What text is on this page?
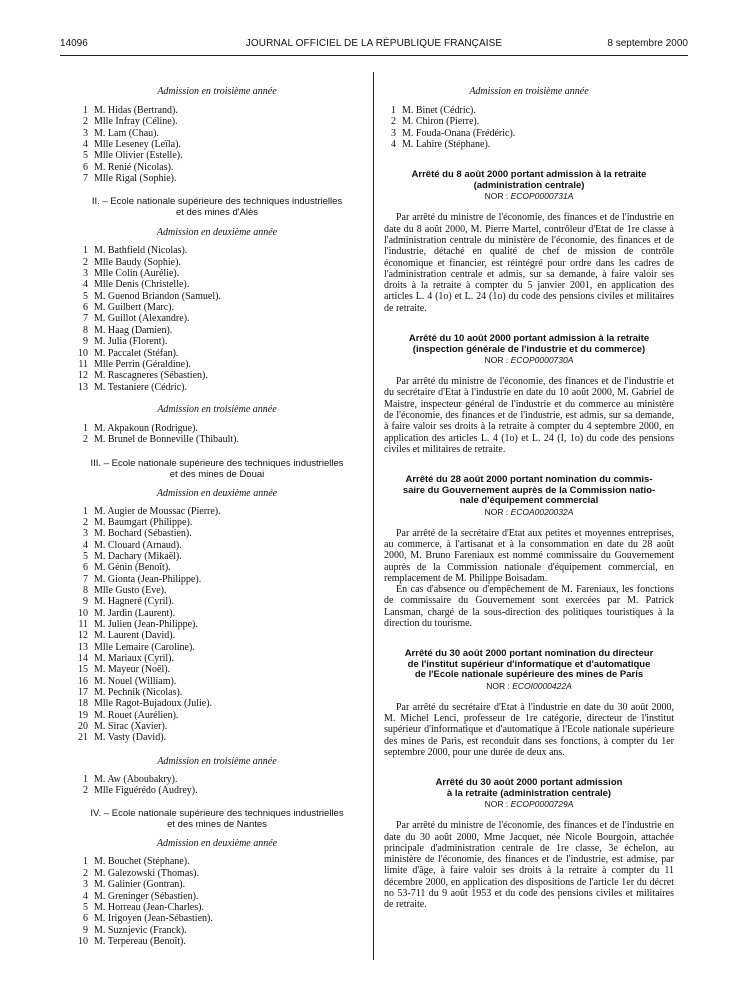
14096	JOURNAL OFFICIEL DE LA RÉPUBLIQUE FRANÇAISE	8 septembre 2000

Admission en troisième année

1 M. Hidas (Bertrand).
2 Mlle Infray (Céline).
3 M. Lam (Chau).
4 Mlle Leseney (Leïla).
5 Mlle Olivier (Estelle).
6 M. Renié (Nicolas).
7 Mlle Rigal (Sophie).

II. – Ecole nationale supérieure des techniques industrielles
et des mines d'Alès

Admission en deuxième année

1 M. Bathfield (Nicolas).
2 Mlle Baudy (Sophie).
3 Mlle Colin (Aurélie).
4 Mlle Denis (Christelle).
5 M. Guenod Briandon (Samuel).
6 M. Guilbert (Marc).
7 M. Guillot (Alexandre).
8 M. Haag (Damien).
9 M. Julia (Florent).
10 M. Paccalet (Stéfan).
11 Mlle Perrin (Géraldine).
12 M. Rascagneres (Sébastien).
13 M. Testaniere (Cédric).

Admission en troisième année

1 M. Akpakoun (Rodrigue).
2 M. Brunel de Bonneville (Thibault).

III. – Ecole nationale supérieure des techniques industrielles
et des mines de Douai

Admission en deuxième année

1 M. Augier de Moussac (Pierre).
2 M. Baumgart (Philippe).
3 M. Bochard (Sébastien).
4 M. Clouard (Arnaud).
5 M. Dachary (Mikaël).
6 M. Génin (Benoît).
7 M. Gionta (Jean-Philippe).
8 Mlle Gusto (Eve).
9 M. Hagneré (Cyril).
10 M. Jardin (Laurent).
11 M. Julien (Jean-Philippe).
12 M. Laurent (David).
13 Mlle Lemaire (Caroline).
14 M. Mariaux (Cyril).
15 M. Mayeur (Noël).
16 M. Nouel (William).
17 M. Pechnik (Nicolas).
18 Mlle Ragot-Bujadoux (Julie).
19 M. Rouet (Aurélien).
20 M. Sirac (Xavier).
21 M. Vasty (David).

Admission en troisième année

1 M. Aw (Aboubakry).
2 Mlle Figuérédo (Audrey).

IV. – Ecole nationale supérieure des techniques industrielles
et des mines de Nantes

Admission en deuxième année

1 M. Bouchet (Stéphane).
2 M. Galezowski (Thomas).
3 M. Galinier (Gontran).
4 M. Greninger (Sébastien).
5 M. Horreau (Jean-Charles).
6 M. Irigoyen (Jean-Sébastien).
9 M. Suznjevic (Franck).
10 M. Terpereau (Benoît).

Admission en troisième année

1 M. Binet (Cédric).
2 M. Chiron (Pierre).
3 M. Fouda-Onana (Frédéric).
4 M. Lahire (Stéphane).

Arrêté du 8 août 2000 portant admission à la retraite
(administration centrale)

NOR : ECOP0000731A

Par arrêté du ministre de l'économie, des finances et de l'industrie en date du 8 août 2000, M. Pierre Martel, contrôleur d'Etat de 1re classe à l'administration centrale du ministère de l'économie, des finances et de l'industrie, détaché en qualité de chef de mission de contrôle économique et financier, est réintégré pour ordre dans les cadres de l'administration centrale et admis, sur sa demande, à faire valoir ses droits à la retraite à compter du 5 janvier 2001, en application des articles L. 4 (1o) et L. 24 (1o) du code des pensions civiles et militaires de retraite.

Arrêté du 10 août 2000 portant admission à la retraite
(inspection générale de l'industrie et du commerce)

NOR : ECOP0000730A

Par arrêté du ministre de l'économie, des finances et de l'industrie et du secrétaire d'Etat à l'industrie en date du 10 août 2000, M. Gabriel de Maistre, inspecteur général de l'industrie et du commerce au ministère de l'économie, des finances et de l'industrie, est admis, sur sa demande, à faire valoir ses droits à la retraite à compter du 4 septembre 2000, en application des articles L. 4 (1o) et L. 24 (I, 1o) du code des pensions civiles et militaires de retraite.

Arrêté du 28 août 2000 portant nomination du commis-
saire du Gouvernement auprès de la Commission natio-
nale d'équipement commercial

NOR : ECOA0020032A

Par arrêté de la secrétaire d'Etat aux petites et moyennes entreprises, au commerce, à l'artisanat et à la consommation en date du 28 août 2000, M. Bruno Fareniaux est nommé commissaire du Gouvernement auprès de la Commission nationale d'équipement commercial, en remplacement de M. Philippe Boisadam.

En cas d'absence ou d'empêchement de M. Fareniaux, les fonctions de commissaire du Gouvernement sont exercées par M. Patrick Lansman, chargé de la sous-direction des politiques touristiques à la direction du tourisme.

Arrêté du 30 août 2000 portant nomination du directeur
de l'institut supérieur d'informatique et d'automatique
de l'Ecole nationale supérieure des mines de Paris

NOR : ECOI0000422A

Par arrêté du secrétaire d'Etat à l'industrie en date du 30 août 2000, M. Michel Lenci, professeur de 1re catégorie, directeur de l'institut supérieur d'informatique et d'automatique à l'Ecole nationale supérieure des mines de Paris, est reconduit dans ses fonctions, à compter du 1er septembre 2000, pour une durée de deux ans.

Arrêté du 30 août 2000 portant admission
à la retraite (administration centrale)

NOR : ECOP0000729A

Par arrêté du ministre de l'économie, des finances et de l'industrie en date du 30 août 2000, Mme Jacquet, née Nicole Bourgoin, attachée principale d'administration centrale de 1re classe, 3e échelon, au ministère de l'économie, des finances et de l'industrie, est admise, par limite d'âge, à faire valoir ses droits à la retraite à compter du 11 décembre 2000, en application des dispositions de l'article 1er du décret no 53-711 du 9 août 1953 et du code des pensions civiles et militaires de retraite.
